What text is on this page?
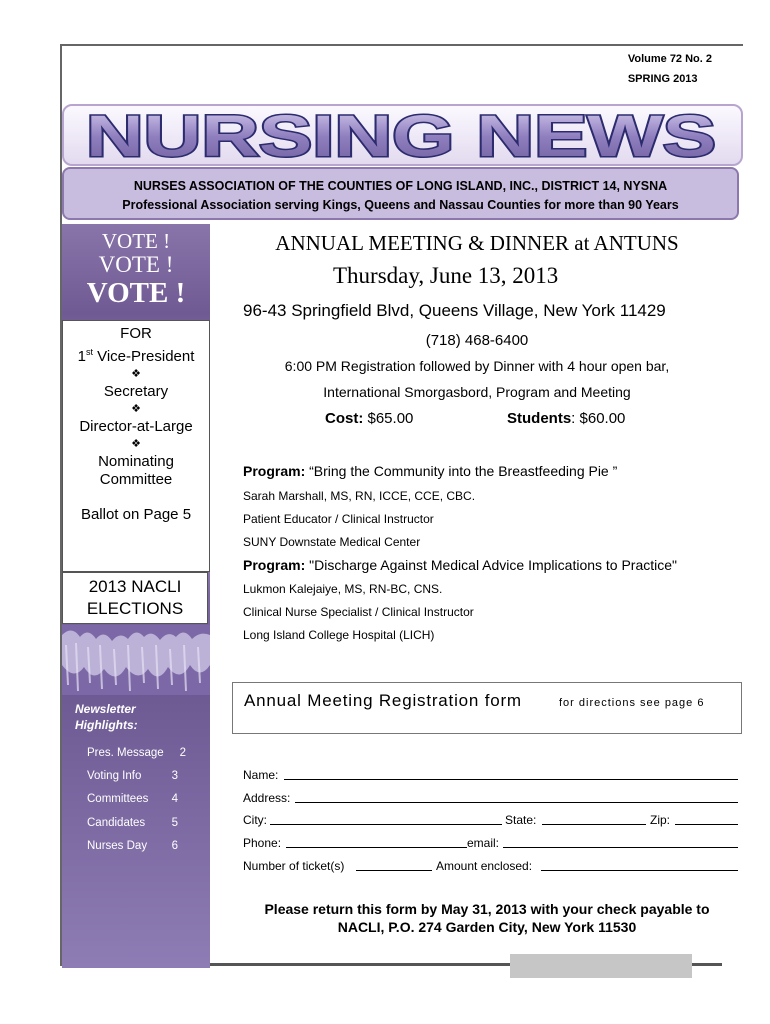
Volume 72 No. 2
SPRING 2013
NURSING NEWS
NURSES ASSOCIATION OF THE COUNTIES OF LONG ISLAND, INC., DISTRICT 14, NYSNA
Professional Association serving Kings, Queens and Nassau Counties for more than 90 Years
VOTE !
VOTE !
VOTE !
FOR
1st Vice-President
❖
Secretary
❖
Director-at-Large
❖
Nominating
Committee
Ballot on Page 5
2013 NACLI
ELECTIONS
Newsletter
Highlights:
Pres. Message 2
Voting Info	3
Committees 4
Candidates 5
Nurses Day 6
ANNUAL MEETING & DINNER at ANTUNS
Thursday, June 13, 2013
96-43 Springfield Blvd, Queens Village, New York 11429
(718) 468-6400
6:00 PM Registration followed by Dinner with 4 hour open bar,
International Smorgasbord, Program and Meeting
Cost: $65.00	Students: $60.00
Program: “Bring the Community into the Breastfeeding Pie ”
Sarah Marshall, MS, RN, ICCE, CCE, CBC.
Patient Educator / Clinical Instructor
SUNY Downstate Medical Center
Program: "Discharge Against Medical Advice Implications to Practice"
Lukmon Kalejaiye, MS, RN-BC, CNS.
Clinical Nurse Specialist / Clinical Instructor
Long Island College Hospital (LICH)
Annual Meeting Registration form	for directions see page 6
Name:
Address:
City:	State:	Zip:
Phone:	email:
Number of ticket(s)	Amount enclosed:
Please return this form by May 31, 2013 with your check payable to
NACLI, P.O. 274 Garden City, New York 11530
